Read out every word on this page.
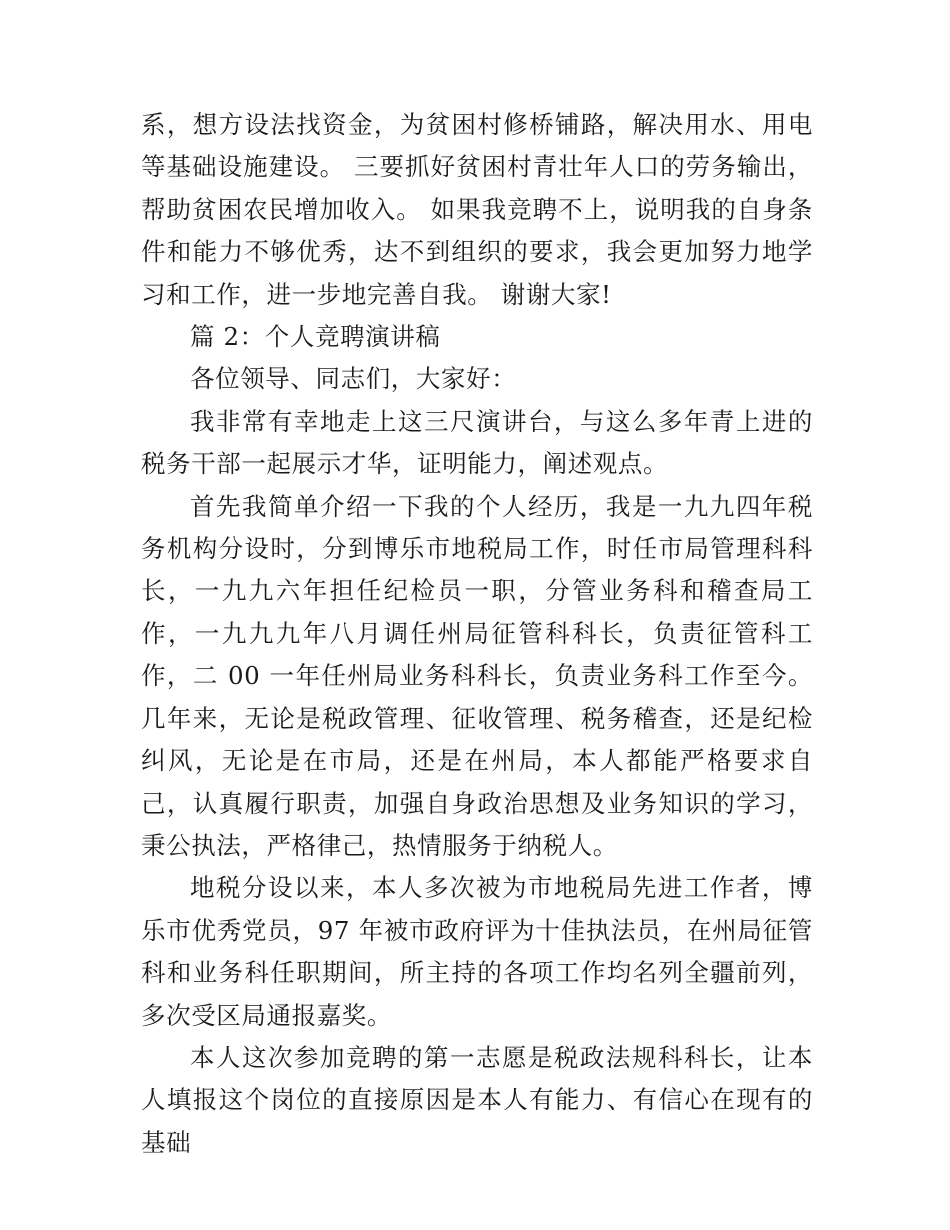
系，想方设法找资金，为贫困村修桥铺路，解决用水、用电等基础设施建设。 三要抓好贫困村青壮年人口的劳务输出，帮助贫困农民增加收入。 如果我竞聘不上，说明我的自身条件和能力不够优秀，达不到组织的要求，我会更加努力地学习和工作，进一步地完善自我。 谢谢大家!

篇 2：个人竞聘演讲稿

各位领导、同志们，大家好：

我非常有幸地走上这三尺演讲台，与这么多年青上进的税务干部一起展示才华，证明能力，阐述观点。

首先我简单介绍一下我的个人经历，我是一九九四年税务机构分设时，分到博乐市地税局工作，时任市局管理科科长，一九九六年担任纪检员一职，分管业务科和稽查局工作，一九九九年八月调任州局征管科科长，负责征管科工作，二 00 一年任州局业务科科长，负责业务科工作至今。几年来，无论是税政管理、征收管理、税务稽查，还是纪检纠风，无论是在市局，还是在州局，本人都能严格要求自己，认真履行职责，加强自身政治思想及业务知识的学习，秉公执法，严格律己，热情服务于纳税人。

地税分设以来，本人多次被为市地税局先进工作者，博乐市优秀党员，97 年被市政府评为十佳执法员，在州局征管科和业务科任职期间，所主持的各项工作均名列全疆前列，多次受区局通报嘉奖。

本人这次参加竞聘的第一志愿是税政法规科科长，让本人填报这个岗位的直接原因是本人有能力、有信心在现有的基础
